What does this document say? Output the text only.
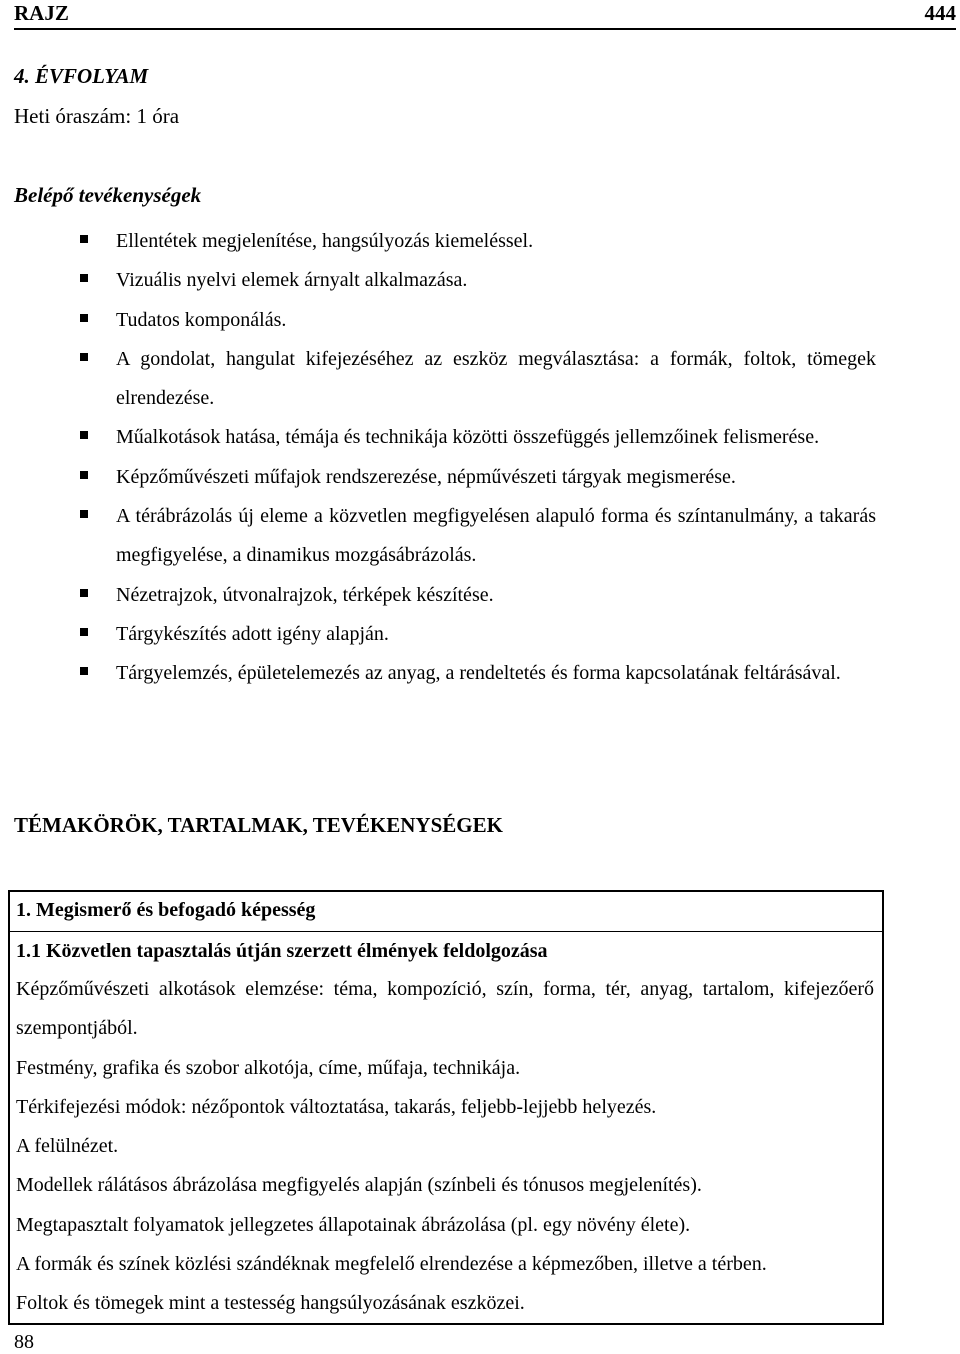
RAJZ	444
4. ÉVFOLYAM
Heti óraszám: 1 óra
Belépő tevékenységek
Ellentétek megjelenítése, hangsúlyozás kiemeléssel.
Vizuális nyelvi elemek árnyalt alkalmazása.
Tudatos komponálás.
A gondolat, hangulat kifejezéséhez az eszköz megválasztása: a formák, foltok, tömegek elrendezése.
Műalkotások hatása, témája és technikája közötti összefüggés jellemzőinek felismerése.
Képzőművészeti műfajok rendszerezése, népművészeti tárgyak megismerése.
A térábrázolás új eleme a közvetlen megfigyelésen alapuló forma és színtanulmány, a takarás megfigyelése, a dinamikus mozgásábrázolás.
Nézetrajzok, útvonalrajzok, térképek készítése.
Tárgykészítés adott igény alapján.
Tárgyelemzés, épületelemezés az anyag, a rendeltetés és forma kapcsolatának feltárásával.
TÉMAKÖRÖK, TARTALMAK, TEVÉKENYSÉGEK
1. Megismerő és befogadó képesség
1.1 Közvetlen tapasztalás útján szerzett élmények feldolgozása

Képzőművészeti alkotások elemzése: téma, kompozíció, szín, forma, tér, anyag, tartalom, kifejezőerő szempontjából.

Festmény, grafika és szobor alkotója, címe, műfaja, technikája.

Térkifejezési módok: nézőpontok változtatása, takarás, feljebb-lejjebb helyezés.

A felülnézet.

Modellek rálátásos ábrázolása megfigyelés alapján (színbeli és tónusos megjelenítés).

Megtapasztalt folyamatok jellegzetes állapotainak ábrázolása (pl. egy növény élete).

A formák és színek közlési szándéknak megfelelő elrendezése a képmezőben, illetve a térben.

Foltok és tömegek mint a testesség hangsúlyozásának eszközei.

88
